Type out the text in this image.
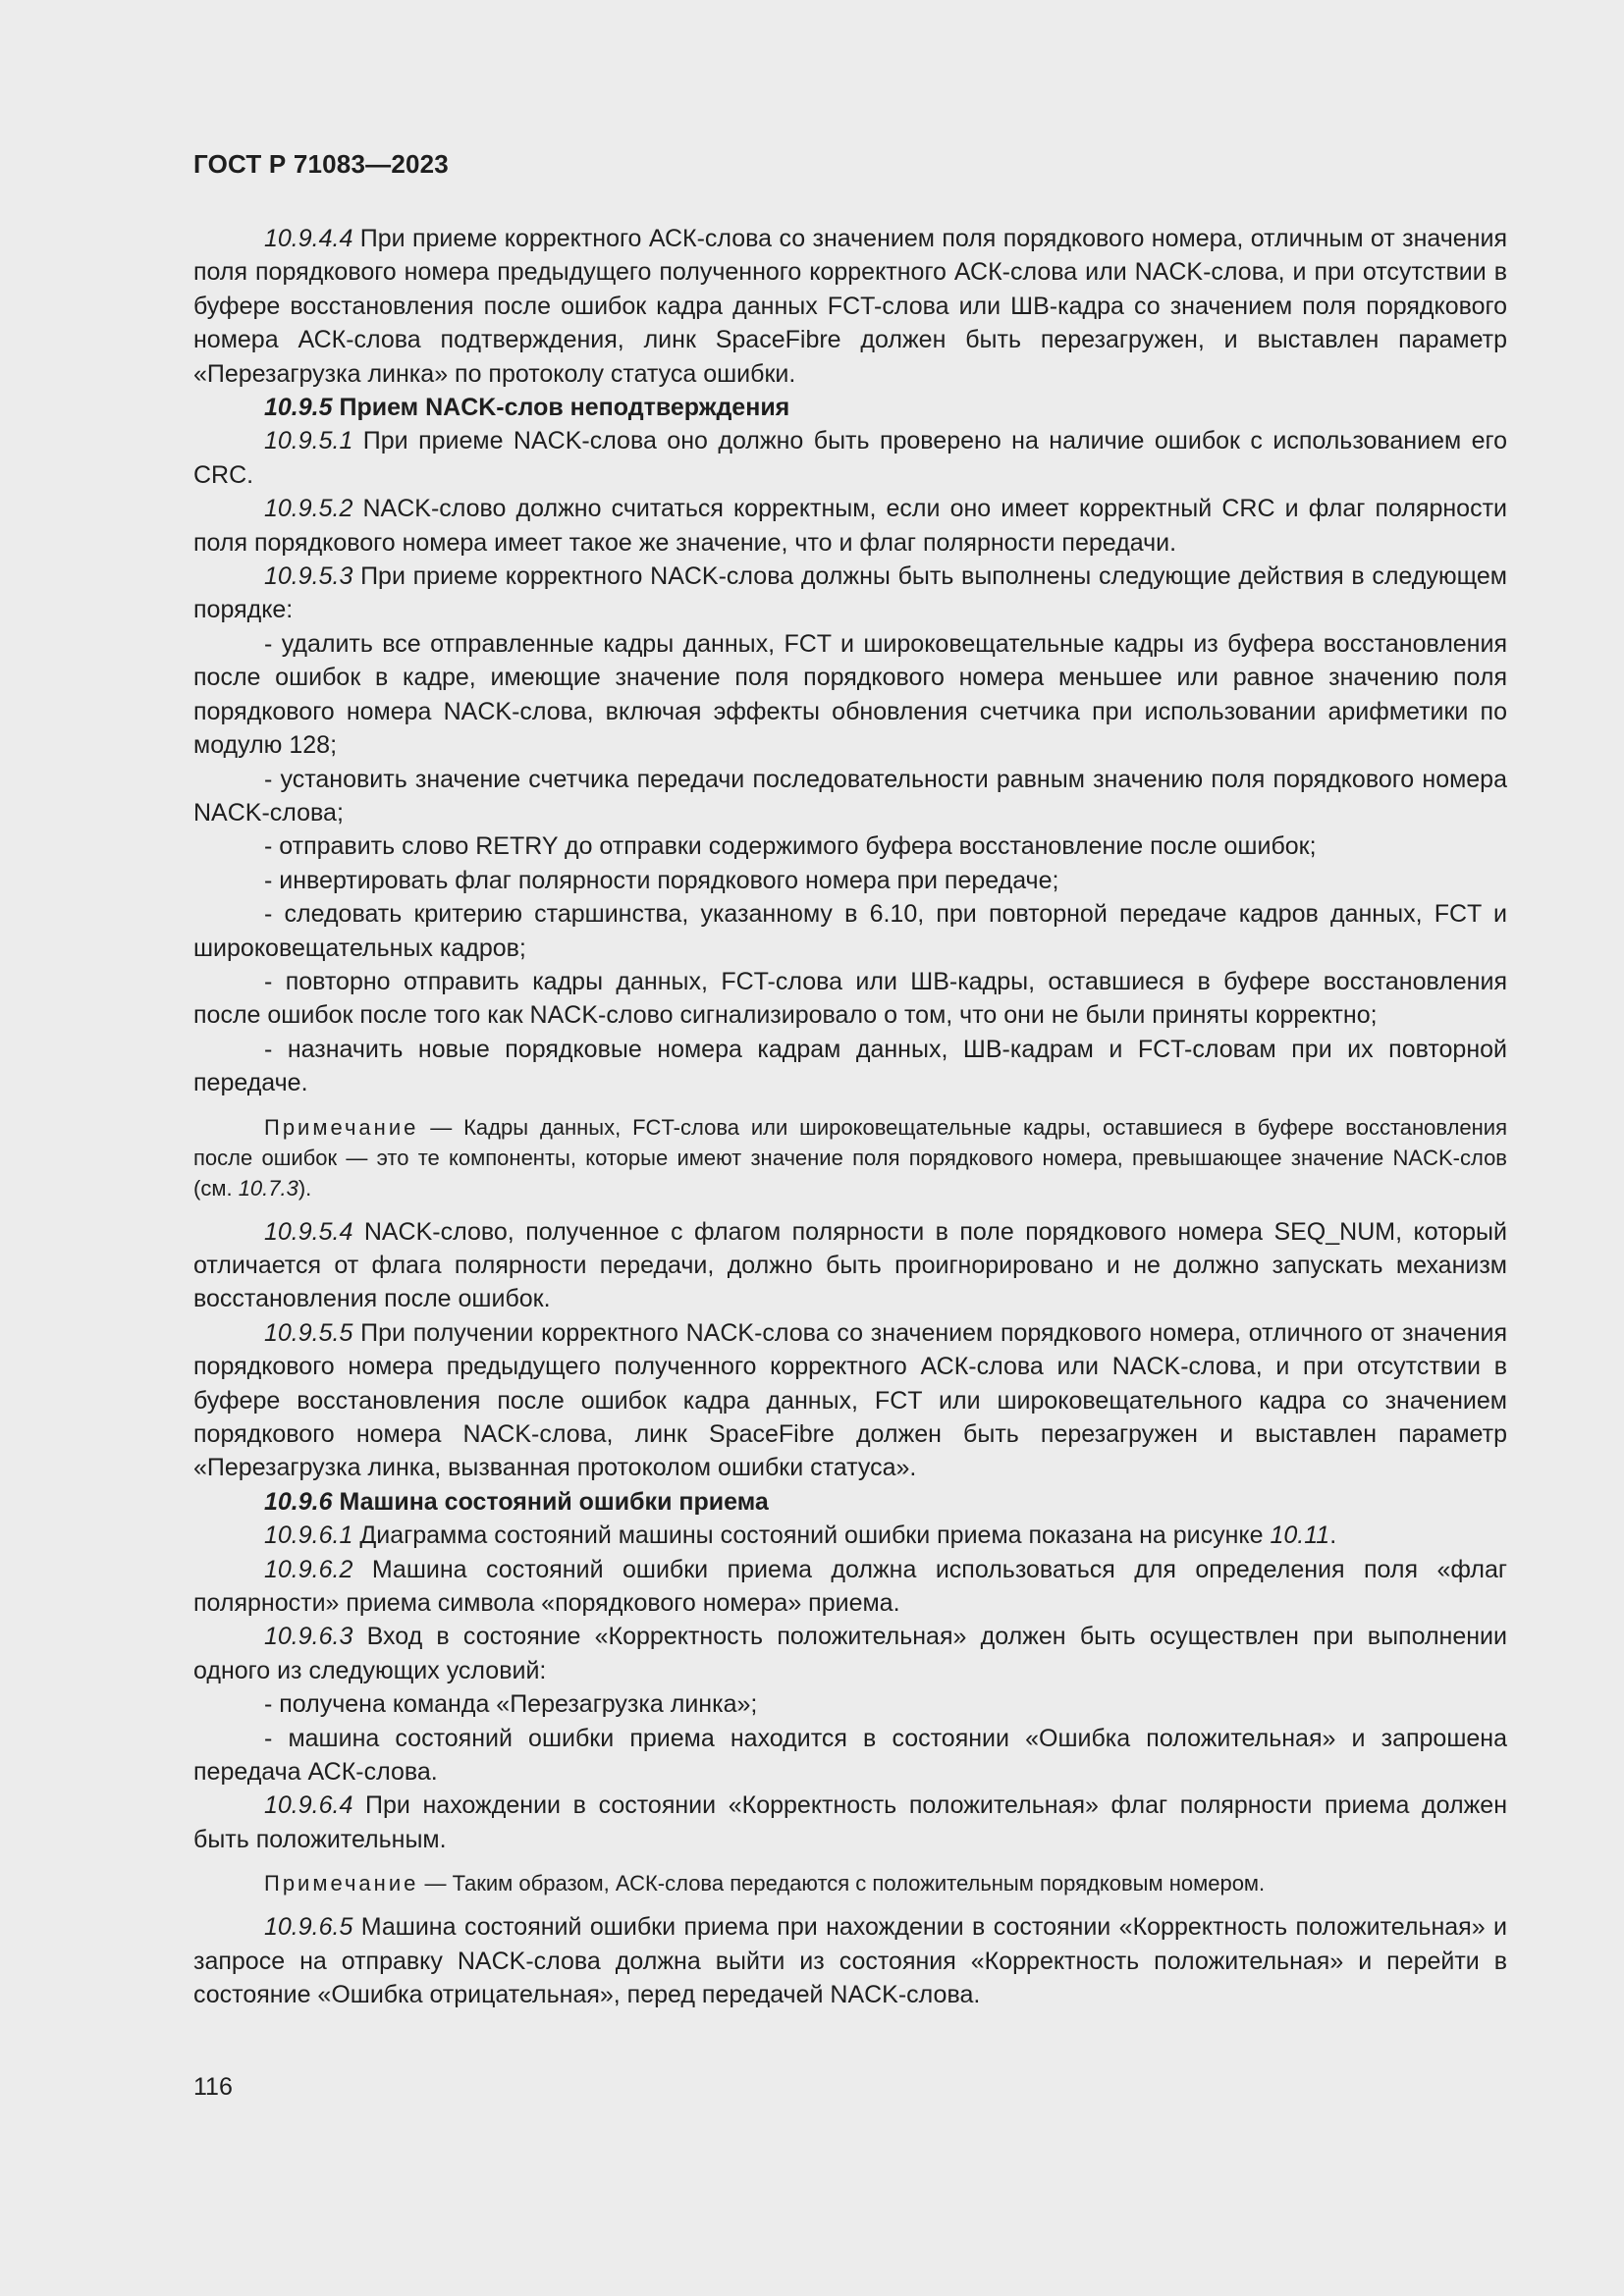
ГОСТ Р 71083—2023

10.9.4.4 При приеме корректного АСК-слова со значением поля порядкового номера, отличным от значения поля порядкового номера предыдущего полученного корректного АСК-слова или NACK-слова, и при отсутствии в буфере восстановления после ошибок кадра данных FCT-слова или ШВ-кадра со значением поля порядкового номера АСК-слова подтверждения, линк SpaceFibre должен быть перезагружен, и выставлен параметр «Перезагрузка линка» по протоколу статуса ошибки.

10.9.5 Прием NACK-слов неподтверждения

10.9.5.1 При приеме NACK-слова оно должно быть проверено на наличие ошибок с использованием его CRC.

10.9.5.2 NACK-слово должно считаться корректным, если оно имеет корректный CRC и флаг полярности поля порядкового номера имеет такое же значение, что и флаг полярности передачи.

10.9.5.3 При приеме корректного NACK-слова должны быть выполнены следующие действия в следующем порядке:

- удалить все отправленные кадры данных, FCT и широковещательные кадры из буфера восстановления после ошибок в кадре, имеющие значение поля порядкового номера меньшее или равное значению поля порядкового номера NACK-слова, включая эффекты обновления счетчика при использовании арифметики по модулю 128;

- установить значение счетчика передачи последовательности равным значению поля порядкового номера NACK-слова;

- отправить слово RETRY до отправки содержимого буфера восстановление после ошибок;

- инвертировать флаг полярности порядкового номера при передаче;

- следовать критерию старшинства, указанному в 6.10, при повторной передаче кадров данных, FCT и широковещательных кадров;

- повторно отправить кадры данных, FCT-слова или ШВ-кадры, оставшиеся в буфере восстановления после ошибок после того как NACK-слово сигнализировало о том, что они не были приняты корректно;

- назначить новые порядковые номера кадрам данных, ШВ-кадрам и FCT-словам при их повторной передаче.

Примечание — Кадры данных, FCT-слова или широковещательные кадры, оставшиеся в буфере восстановления после ошибок — это те компоненты, которые имеют значение поля порядкового номера, превышающее значение NACK-слов (см. 10.7.3).

10.9.5.4 NACK-слово, полученное с флагом полярности в поле порядкового номера SEQ_NUM, который отличается от флага полярности передачи, должно быть проигнорировано и не должно запускать механизм восстановления после ошибок.

10.9.5.5 При получении корректного NACK-слова со значением порядкового номера, отличного от значения порядкового номера предыдущего полученного корректного АСК-слова или NACK-слова, и при отсутствии в буфере восстановления после ошибок кадра данных, FCT или широковещательного кадра со значением порядкового номера NACK-слова, линк SpaceFibre должен быть перезагружен и выставлен параметр «Перезагрузка линка, вызванная протоколом ошибки статуса».

10.9.6 Машина состояний ошибки приема

10.9.6.1 Диаграмма состояний машины состояний ошибки приема показана на рисунке 10.11.

10.9.6.2 Машина состояний ошибки приема должна использоваться для определения поля «флаг полярности» приема символа «порядкового номера» приема.

10.9.6.3 Вход в состояние «Корректность положительная» должен быть осуществлен при выполнении одного из следующих условий:

- получена команда «Перезагрузка линка»;

- машина состояний ошибки приема находится в состоянии «Ошибка положительная» и запрошена передача АСК-слова.

10.9.6.4 При нахождении в состоянии «Корректность положительная» флаг полярности приема должен быть положительным.

Примечание — Таким образом, АСК-слова передаются с положительным порядковым номером.

10.9.6.5 Машина состояний ошибки приема при нахождении в состоянии «Корректность положительная» и запросе на отправку NACK-слова должна выйти из состояния «Корректность положительная» и перейти в состояние «Ошибка отрицательная», перед передачей NACK-слова.

116
